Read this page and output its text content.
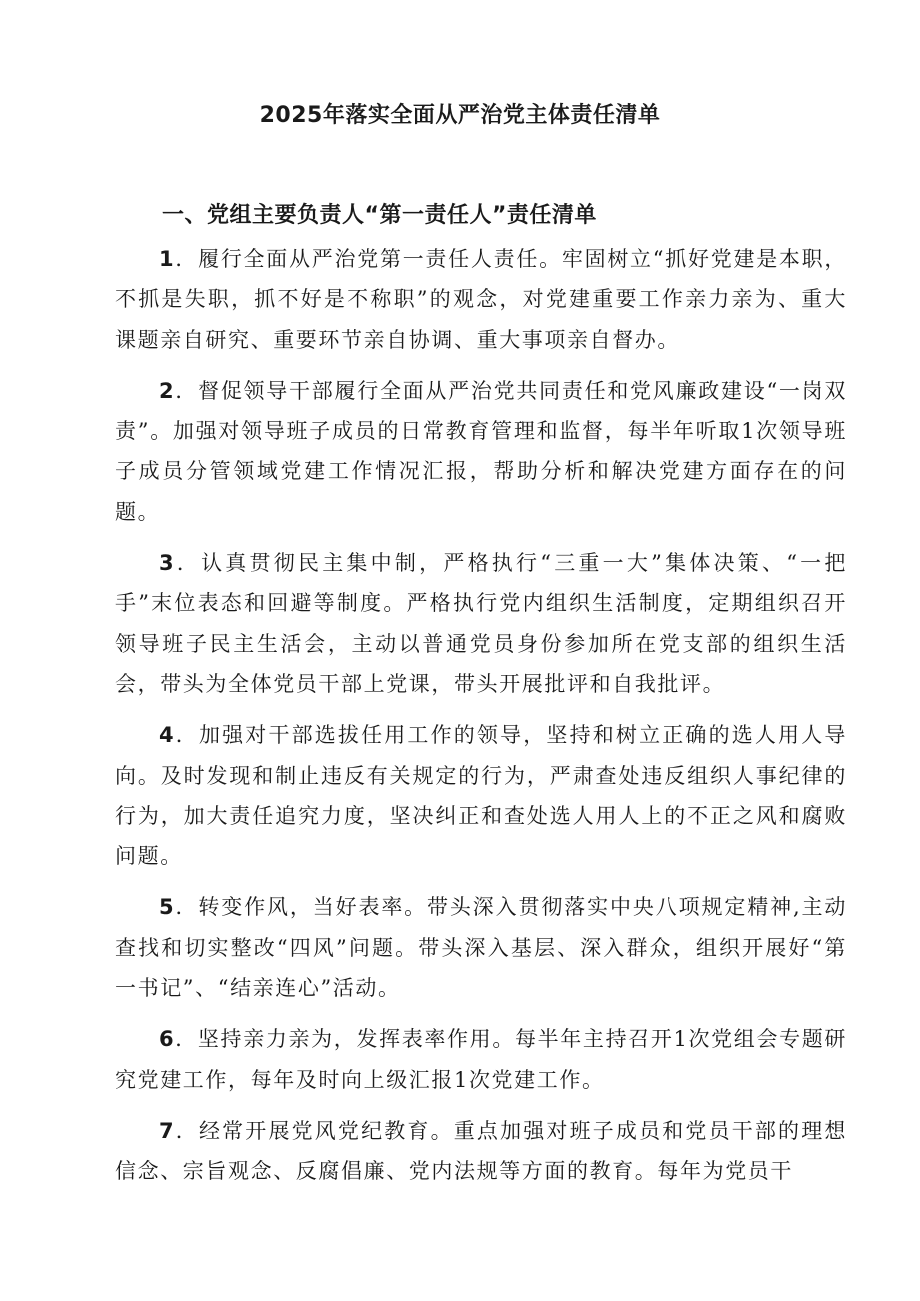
2025年落实全面从严治党主体责任清单
一、党组主要负责人“第一责任人”责任清单

1．履行全面从严治党第一责任人责任。牢固树立“抓好党建是本职，不抓是失职，抓不好是不称职”的观念，对党建重要工作亲力亲为、重大课题亲自研究、重要环节亲自协调、重大事项亲自督办。

2．督促领导干部履行全面从严治党共同责任和党风廉政建设“一岗双责”。加强对领导班子成员的日常教育管理和监督，每半年听取1次领导班子成员分管领域党建工作情况汇报，帮助分析和解决党建方面存在的问题。

3．认真贯彻民主集中制，严格执行“三重一大”集体决策、“一把手”末位表态和回避等制度。严格执行党内组织生活制度，定期组织召开领导班子民主生活会，主动以普通党员身份参加所在党支部的组织生活会，带头为全体党员干部上党课，带头开展批评和自我批评。

4．加强对干部选拔任用工作的领导，坚持和树立正确的选人用人导向。及时发现和制止违反有关规定的行为，严肃查处违反组织人事纪律的行为，加大责任追究力度，坚决纠正和查处选人用人上的不正之风和腐败问题。

5．转变作风，当好表率。带头深入贯彻落实中央八项规定精神,主动查找和切实整改“四风”问题。带头深入基层、深入群众，组织开展好“第一书记”、“结亲连心”活动。

6．坚持亲力亲为，发挥表率作用。每半年主持召开1次党组会专题研究党建工作，每年及时向上级汇报1次党建工作。

7．经常开展党风党纪教育。重点加强对班子成员和党员干部的理想信念、宗旨观念、反腐倡廉、党内法规等方面的教育。每年为党员干
